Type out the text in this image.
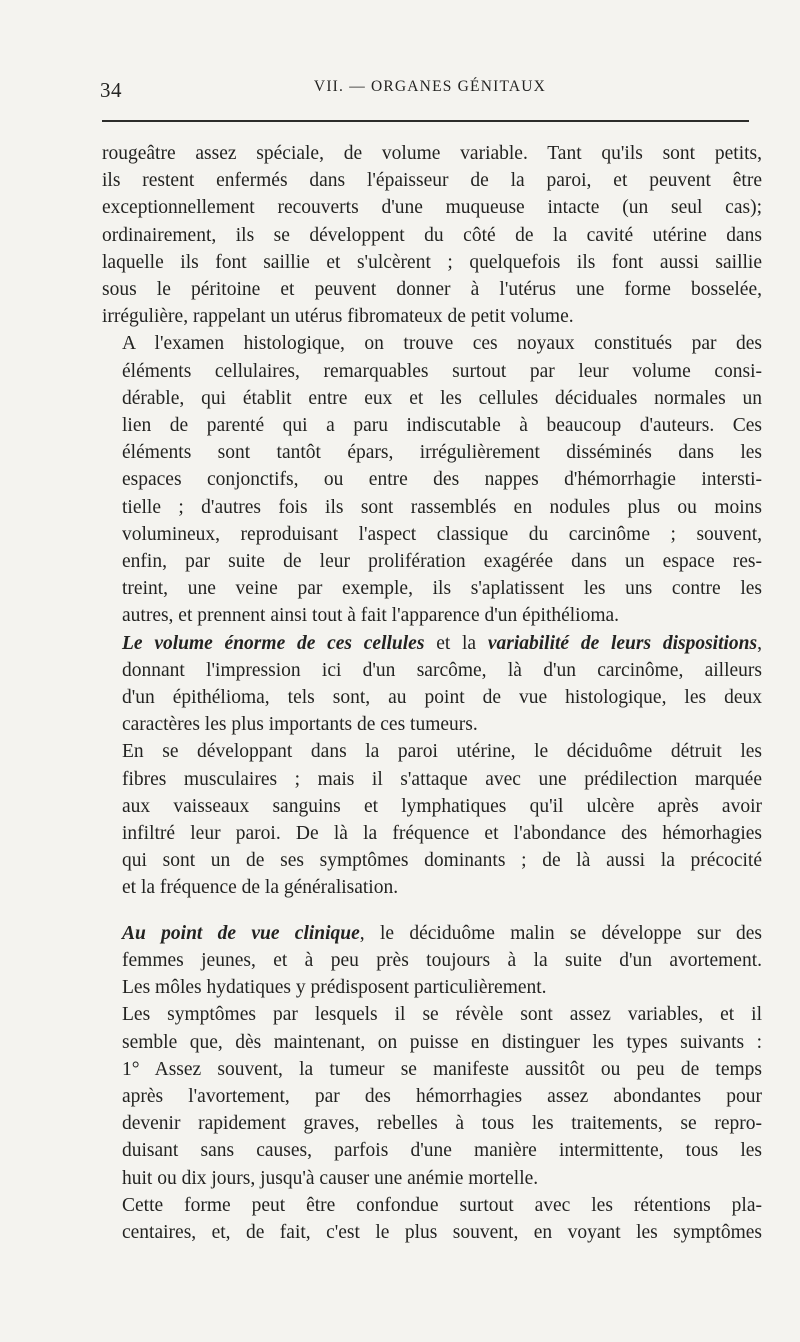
34	VII. — ORGANES GÉNITAUX

rougeâtre assez spéciale, de volume variable. Tant qu'ils sont petits,
ils restent enfermés dans l'épaisseur de la paroi, et peuvent être
exceptionnellement recouverts d'une muqueuse intacte (un seul cas);
ordinairement, ils se développent du côté de la cavité utérine dans
laquelle ils font saillie et s'ulcèrent ; quelquefois ils font aussi saillie
sous le péritoine et peuvent donner à l'utérus une forme bosselée,
irrégulière, rappelant un utérus fibromateux de petit volume.

A l'examen histologique, on trouve ces noyaux constitués par des
éléments cellulaires, remarquables surtout par leur volume consi-
dérable, qui établit entre eux et les cellules déciduales normales un
lien de parenté qui a paru indiscutable à beaucoup d'auteurs. Ces
éléments sont tantôt épars, irrégulièrement disséminés dans les
espaces conjonctifs, ou entre des nappes d'hémorrhagie intersti-
tielle ; d'autres fois ils sont rassemblés en nodules plus ou moins
volumineux, reproduisant l'aspect classique du carcinôme ; souvent,
enfin, par suite de leur prolifération exagérée dans un espace res-
treint, une veine par exemple, ils s'aplatissent les uns contre les
autres, et prennent ainsi tout à fait l'apparence d'un épithélioma.

Le volume énorme de ces cellules et la variabilité de leurs dispositions,
donnant l'impression ici d'un sarcôme, là d'un carcinôme, ailleurs
d'un épithélioma, tels sont, au point de vue histologique, les deux
caractères les plus importants de ces tumeurs.

En se développant dans la paroi utérine, le déciduôme détruit les
fibres musculaires ; mais il s'attaque avec une prédilection marquée
aux vaisseaux sanguins et lymphatiques qu'il ulcère après avoir
infiltré leur paroi. De là la fréquence et l'abondance des hémorhagies
qui sont un de ses symptômes dominants ; de là aussi la précocité
et la fréquence de la généralisation.

Au point de vue clinique, le déciduôme malin se développe sur des
femmes jeunes, et à peu près toujours à la suite d'un avortement.
Les môles hydatiques y prédisposent particulièrement.

Les symptômes par lesquels il se révèle sont assez variables, et il
semble que, dès maintenant, on puisse en distinguer les types suivants :

1° Assez souvent, la tumeur se manifeste aussitôt ou peu de temps
après l'avortement, par des hémorrhagies assez abondantes pour
devenir rapidement graves, rebelles à tous les traitements, se repro-
duisant sans causes, parfois d'une manière intermittente, tous les
huit ou dix jours, jusqu'à causer une anémie mortelle.

Cette forme peut être confondue surtout avec les rétentions pla-
centaires, et, de fait, c'est le plus souvent, en voyant les symptômes
